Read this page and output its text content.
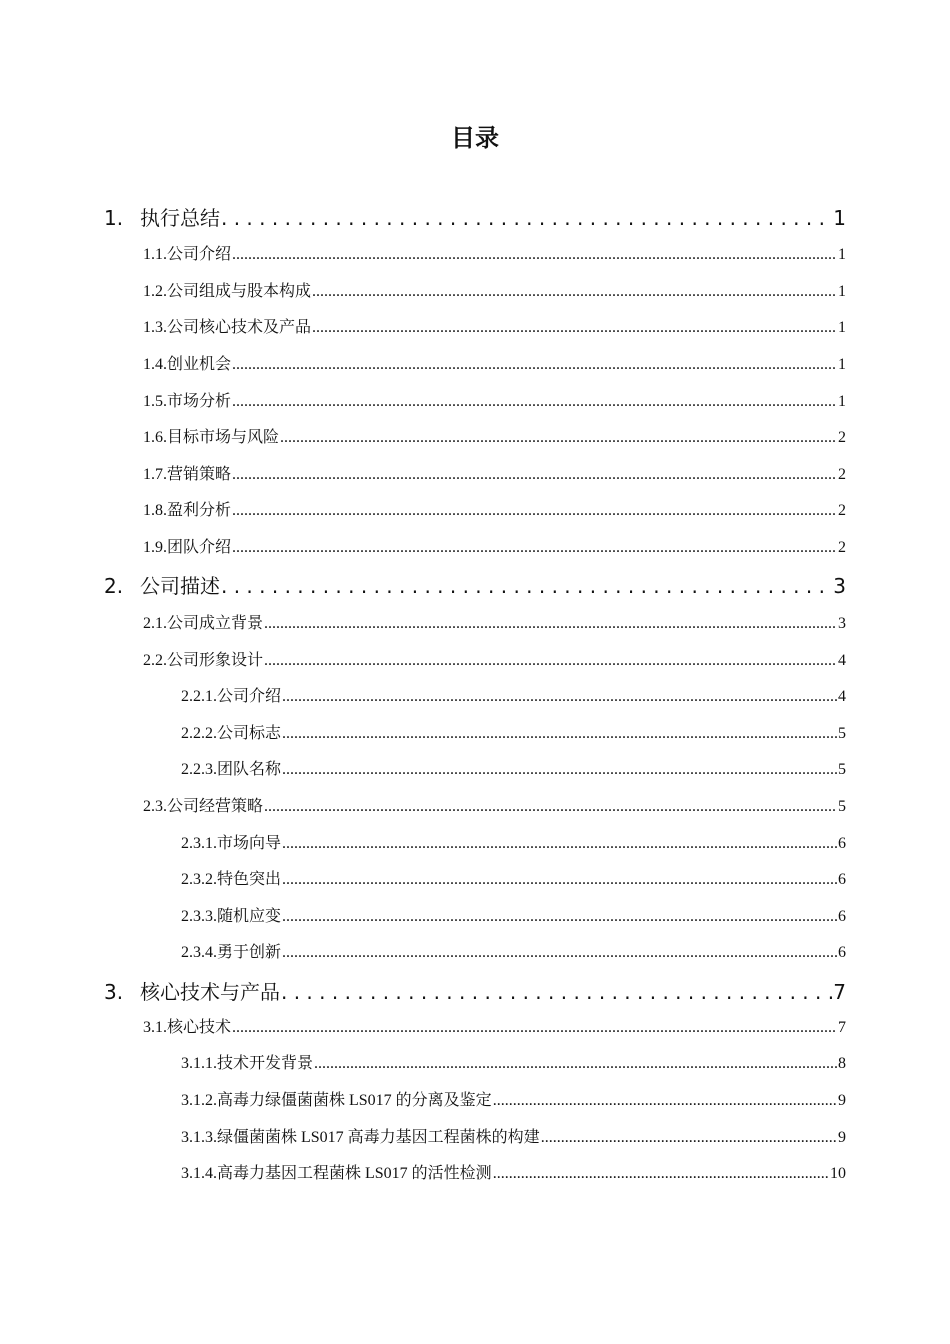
目录
1. 执行总结 . . .	1
1.1.公司介绍 .....	1
1.2.公司组成与股本构成 .....	1
1.3.公司核心技术及产品 .....	1
1.4.创业机会 .....	1
1.5.市场分析 .....	1
1.6.目标市场与风险 .....	2
1.7.营销策略 .....	2
1.8.盈利分析 .....	2
1.9.团队介绍 .....	2
2. 公司描述 . . .	3
2.1.公司成立背景 .....	3
2.2.公司形象设计 .....	4
2.2.1.公司介绍 .....	4
2.2.2.公司标志 .....	5
2.2.3.团队名称 .....	5
2.3.公司经营策略 .....	5
2.3.1.市场向导 .....	6
2.3.2.特色突出 .....	6
2.3.3.随机应变 .....	6
2.3.4.勇于创新 .....	6
3. 核心技术与产品 . . .	7
3.1.核心技术 .....	7
3.1.1.技术开发背景 .....	8
3.1.2.高毒力绿僵菌菌株 LS017 的分离及鉴定 .....	9
3.1.3.绿僵菌菌株 LS017 高毒力基因工程菌株的构建 .....	9
3.1.4.高毒力基因工程菌株 LS017 的活性检测 .....	10
